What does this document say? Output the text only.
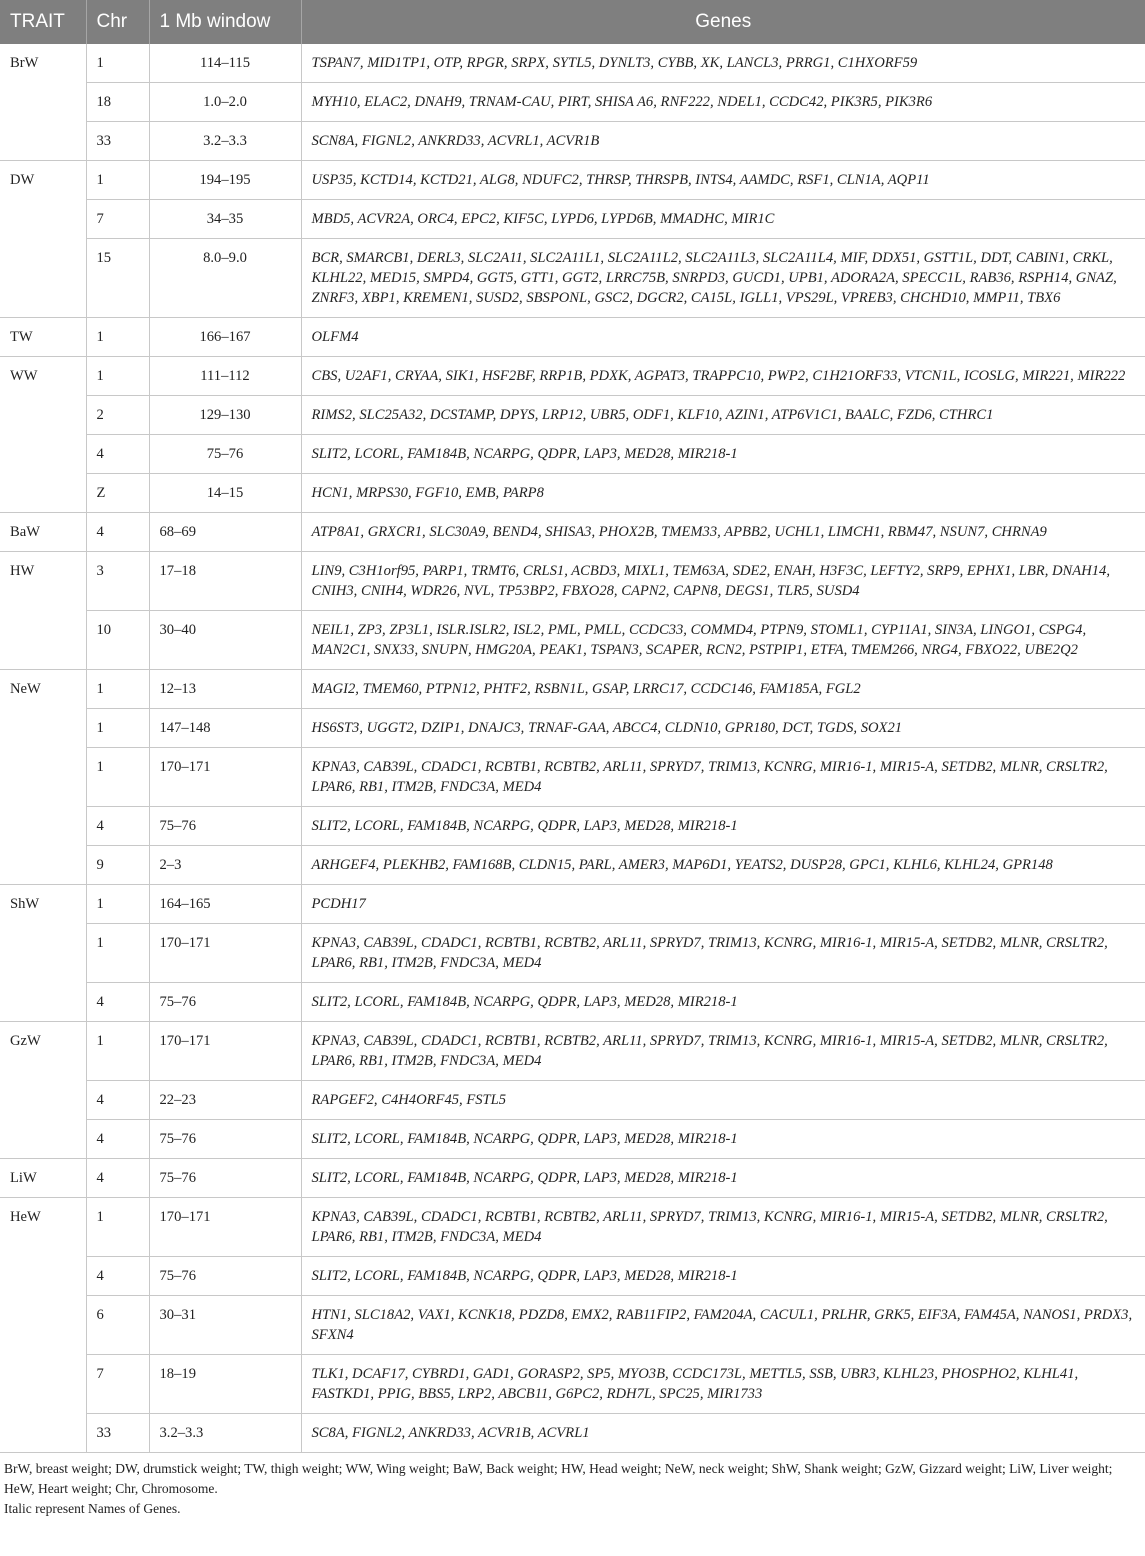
TRAIT	Chr	1 Mb window	Genes
BrW	1	114–115	TSPAN7, MID1TP1, OTP, RPGR, SRPX, SYTL5, DYNLT3, CYBB, XK, LANCL3, PRRG1, C1HXORF59
	18	1.0–2.0	MYH10, ELAC2, DNAH9, TRNAM-CAU, PIRT, SHISA A6, RNF222, NDEL1, CCDC42, PIK3R5, PIK3R6
	33	3.2–3.3	SCN8A, FIGNL2, ANKRD33, ACVRL1, ACVR1B
DW	1	194–195	USP35, KCTD14, KCTD21, ALG8, NDUFC2, THRSP, THRSPB, INTS4, AAMDC, RSF1, CLN1A, AQP11
	7	34–35	MBD5, ACVR2A, ORC4, EPC2, KIF5C, LYPD6, LYPD6B, MMADHC, MIR1C
	15	8.0–9.0	BCR, SMARCB1, DERL3, SLC2A11, SLC2A11L1, SLC2A11L2, SLC2A11L3, SLC2A11L4, MIF, DDX51, GSTT1L, DDT, CABIN1, CRKL, KLHL22, MED15, SMPD4, GGT5, GTT1, GGT2, LRRC75B, SNRPD3, GUCD1, UPB1, ADORA2A, SPECC1L, RAB36, RSPH14, GNAZ, ZNRF3, XBP1, KREMEN1, SUSD2, SBSPONL, GSC2, DGCR2, CA15L, IGLL1, VPS29L, VPREB3, CHCHD10, MMP11, TBX6
TW	1	166–167	OLFM4
WW	1	111–112	CBS, U2AF1, CRYAA, SIK1, HSF2BF, RRP1B, PDXK, AGPAT3, TRAPPC10, PWP2, C1H21ORF33, VTCN1L, ICOSLG, MIR221, MIR222
	2	129–130	RIMS2, SLC25A32, DCSTAMP, DPYS, LRP12, UBR5, ODF1, KLF10, AZIN1, ATP6V1C1, BAALC, FZD6, CTHRC1
	4	75–76	SLIT2, LCORL, FAM184B, NCARPG, QDPR, LAP3, MED28, MIR218-1
	Z	14–15	HCN1, MRPS30, FGF10, EMB, PARP8
BaW	4	68–69	ATP8A1, GRXCR1, SLC30A9, BEND4, SHISA3, PHOX2B, TMEM33, APBB2, UCHL1, LIMCH1, RBM47, NSUN7, CHRNA9
HW	3	17–18	LIN9, C3H1orf95, PARP1, TRMT6, CRLS1, ACBD3, MIXL1, TEM63A, SDE2, ENAH, H3F3C, LEFTY2, SRP9, EPHX1, LBR, DNAH14, CNIH3, CNIH4, WDR26, NVL, TP53BP2, FBXO28, CAPN2, CAPN8, DEGS1, TLR5, SUSD4
	10	30–40	NEIL1, ZP3, ZP3L1, ISLR.ISLR2, ISL2, PML, PMLL, CCDC33, COMMD4, PTPN9, STOML1, CYP11A1, SIN3A, LINGO1, CSPG4, MAN2C1, SNX33, SNUPN, HMG20A, PEAK1, TSPAN3, SCAPER, RCN2, PSTPIP1, ETFA, TMEM266, NRG4, FBXO22, UBE2Q2
NeW	1	12–13	MAGI2, TMEM60, PTPN12, PHTF2, RSBN1L, GSAP, LRRC17, CCDC146, FAM185A, FGL2
	1	147–148	HS6ST3, UGGT2, DZIP1, DNAJC3, TRNAF-GAA, ABCC4, CLDN10, GPR180, DCT, TGDS, SOX21
	1	170–171	KPNA3, CAB39L, CDADC1, RCBTB1, RCBTB2, ARL11, SPRYD7, TRIM13, KCNRG, MIR16-1, MIR15-A, SETDB2, MLNR, CRSLTR2, LPAR6, RB1, ITM2B, FNDC3A, MED4
	4	75–76	SLIT2, LCORL, FAM184B, NCARPG, QDPR, LAP3, MED28, MIR218-1
	9	2–3	ARHGEF4, PLEKHB2, FAM168B, CLDN15, PARL, AMER3, MAP6D1, YEATS2, DUSP28, GPC1, KLHL6, KLHL24, GPR148
ShW	1	164–165	PCDH17
	1	170–171	KPNA3, CAB39L, CDADC1, RCBTB1, RCBTB2, ARL11, SPRYD7, TRIM13, KCNRG, MIR16-1, MIR15-A, SETDB2, MLNR, CRSLTR2, LPAR6, RB1, ITM2B, FNDC3A, MED4
	4	75–76	SLIT2, LCORL, FAM184B, NCARPG, QDPR, LAP3, MED28, MIR218-1
GzW	1	170–171	KPNA3, CAB39L, CDADC1, RCBTB1, RCBTB2, ARL11, SPRYD7, TRIM13, KCNRG, MIR16-1, MIR15-A, SETDB2, MLNR, CRSLTR2, LPAR6, RB1, ITM2B, FNDC3A, MED4
	4	22–23	RAPGEF2, C4H4ORF45, FSTL5
	4	75–76	SLIT2, LCORL, FAM184B, NCARPG, QDPR, LAP3, MED28, MIR218-1
LiW	4	75–76	SLIT2, LCORL, FAM184B, NCARPG, QDPR, LAP3, MED28, MIR218-1
HeW	1	170–171	KPNA3, CAB39L, CDADC1, RCBTB1, RCBTB2, ARL11, SPRYD7, TRIM13, KCNRG, MIR16-1, MIR15-A, SETDB2, MLNR, CRSLTR2, LPAR6, RB1, ITM2B, FNDC3A, MED4
	4	75–76	SLIT2, LCORL, FAM184B, NCARPG, QDPR, LAP3, MED28, MIR218-1
	6	30–31	HTN1, SLC18A2, VAX1, KCNK18, PDZD8, EMX2, RAB11FIP2, FAM204A, CACUL1, PRLHR, GRK5, EIF3A, FAM45A, NANOS1, PRDX3, SFXN4
	7	18–19	TLK1, DCAF17, CYBRD1, GAD1, GORASP2, SP5, MYO3B, CCDC173L, METTL5, SSB, UBR3, KLHL23, PHOSPHO2, KLHL41, FASTKD1, PPIG, BBS5, LRP2, ABCB11, G6PC2, RDH7L, SPC25, MIR1733
	33	3.2–3.3	SC8A, FIGNL2, ANKRD33, ACVR1B, ACVRL1

BrW, breast weight; DW, drumstick weight; TW, thigh weight; WW, Wing weight; BaW, Back weight; HW, Head weight; NeW, neck weight; ShW, Shank weight; GzW, Gizzard weight; LiW, Liver weight; HeW, Heart weight; Chr, Chromosome.

Italic represent Names of Genes.
